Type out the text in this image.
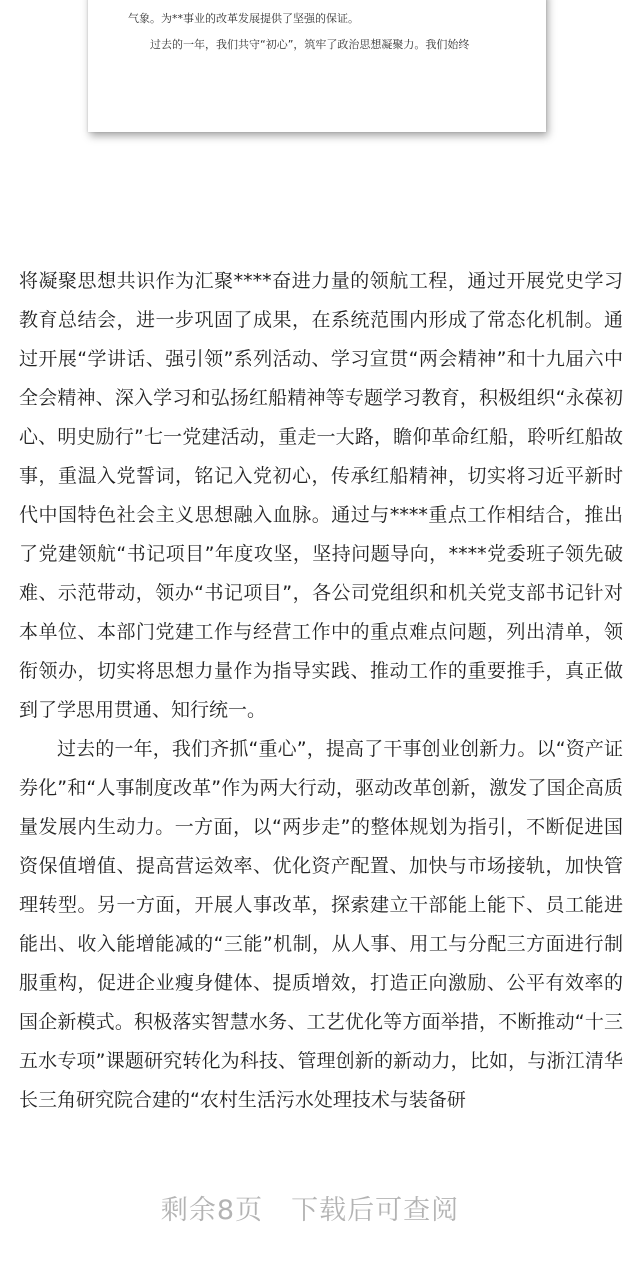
气象。为**事业的改革发展提供了坚强的保证。
过去的一年，我们共守“初心”，筑牢了政治思想凝聚力。我们始终

将凝聚思想共识作为汇聚****奋进力量的领航工程，通过开展党史学习教育总结会，进一步巩固了成果，在系统范围内形成了常态化机制。通过开展“学讲话、强引领”系列活动、学习宣贯“两会精神”和十九届六中全会精神、深入学习和弘扬红船精神等专题学习教育，积极组织“永葆初心、明史励行”七一党建活动，重走一大路，瞻仰革命红船，聆听红船故事，重温入党誓词，铭记入党初心，传承红船精神，切实将习近平新时代中国特色社会主义思想融入血脉。通过与****重点工作相结合，推出了党建领航“书记项目”年度攻坚，坚持问题导向，****党委班子领先破难、示范带动，领办“书记项目”，各公司党组织和机关党支部书记针对本单位、本部门党建工作与经营工作中的重点难点问题，列出清单，领衔领办，切实将思想力量作为指导实践、推动工作的重要推手，真正做到了学思用贯通、知行统一。

过去的一年，我们齐抓“重心”，提高了干事创业创新力。以“资产证券化”和“人事制度改革”作为两大行动，驱动改革创新，激发了国企高质量发展内生动力。一方面，以“两步走”的整体规划为指引，不断促进国资保值增值、提高营运效率、优化资产配置、加快与市场接轨，加快管理转型。另一方面，开展人事改革，探索建立干部能上能下、员工能进能出、收入能增能减的“三能”机制，从人事、用工与分配三方面进行制服重构，促进企业瘦身健体、提质增效，打造正向激励、公平有效率的国企新模式。积极落实智慧水务、工艺优化等方面举措，不断推动“十三五水专项”课题研究转化为科技、管理创新的新动力，比如，与浙江清华长三角研究院合建的“农村生活污水处理技术与装备研

剩余8页 下载后可查阅
